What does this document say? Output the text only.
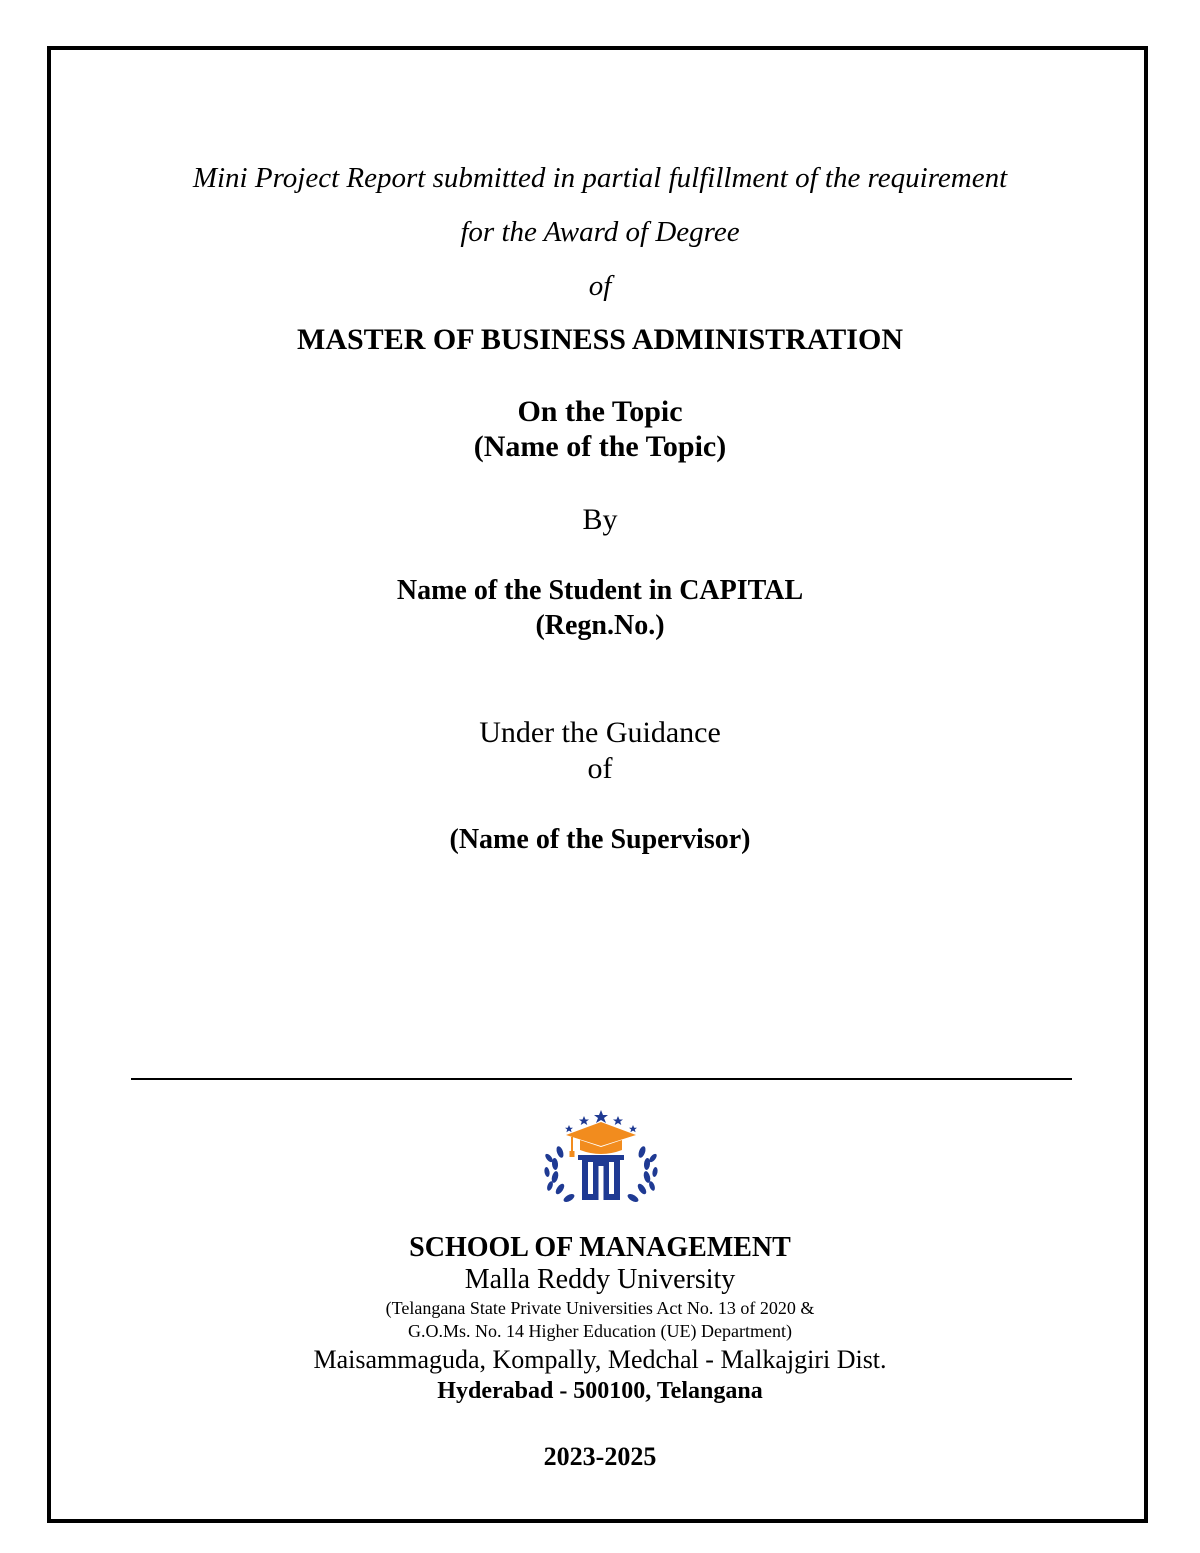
Mini Project Report submitted in partial fulfillment of the requirement
for the Award of Degree
of
MASTER OF BUSINESS ADMINISTRATION
On the Topic
(Name of the Topic)
By
Name of the Student in CAPITAL
(Regn.No.)
Under the Guidance
of
(Name of the Supervisor)
SCHOOL OF MANAGEMENT
Malla Reddy University
(Telangana State Private Universities Act No. 13 of 2020 &
G.O.Ms. No. 14 Higher Education (UE) Department)
Maisammaguda, Kompally, Medchal - Malkajgiri Dist.
Hyderabad - 500100, Telangana
2023-2025
